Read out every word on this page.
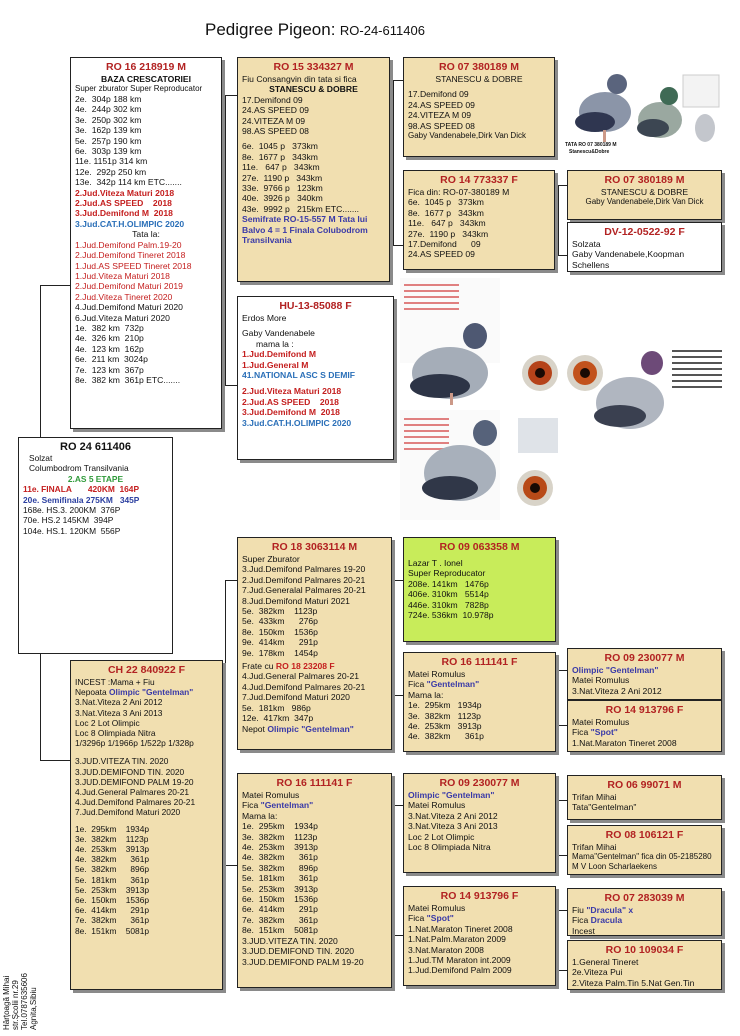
Pedigree Pigeon: RO-24-611406
RO 24 611406
Solzat
Columbodrom Transilvania
2.AS 5 ETAPE
11e. FINALA       420KM  164P
20e. Semifinala 275KM   345P
168e. HS.3. 200KM  376P
70e. HS.2 145KM  394P
104e. HS.1. 120KM  556P
RO 16 218919 M
BAZA CRESCATORIEI
Super zburator Super Reproducator
2e.  304p 188 km
4e.  244p 302 km
3e.  250p 302 km
3e.  162p 139 km
5e.  257p 190 km
6e.  303p 139 km
11e. 1151p 314 km
12e.  292p 250 km
13e.  342p 114 km ETC.......
2.Jud.Viteza Maturi 2018
2.Jud.AS SPEED    2018
3.Jud.Demifond M  2018
3.Jud.CAT.H.OLIMPIC 2020
Tata la:
1.Jud.Demifond Palm.19-20
2.Jud.Demifond Tineret 2018
1.Jud.AS SPEED Tineret 2018
1.Jud.Viteza Maturi 2018
2.Jud.Demifond Maturi 2019
2.Jud.Viteza Tineret 2020
4.Jud.Demifond Maturi 2020
6.Jud.Viteza Maturi 2020
1e.  382 km  732p
4e.  326 km  210p
4e.  123 km  162p
6e.  211 km  3024p
7e.  123 km  367p
8e.  382 km  361p ETC.......
RO 15 334327 M
Fiu Consangvin din tata si fica
STANESCU & DOBRE
17.Demifond 09
24.AS SPEED 09
24.VITEZA M 09
98.AS SPEED 08
6e.  1045 p   373km
8e.  1677 p   343km
11e.   647 p   343km
27e.  1190 p   343km
33e.  9766 p   123km
40e.  3926 p   340km
43e.  9992 p   215km ETC.......
Semifrate RO-15-557 M Tata lui Balvo 4 = 1 Finala Colubodrom Transilvania
RO 07 380189 M
STANESCU & DOBRE
17.Demifond 09
24.AS SPEED 09
24.VITEZA M 09
98.AS SPEED 08
Gaby Vandenabele,Dirk Van Dick
TATA RO 07 380189 M
Stanescu&Dobre
RO 14 773337 F
Fica din: RO-07-380189 M
6e.  1045 p   373km
8e.  1677 p   343km
11e.   647 p   343km
27e.  1190 p   343km
17.Demifond      09
24.AS SPEED 09
RO 07 380189 M
STANESCU & DOBRE
Gaby Vandenabele,Dirk Van Dick
DV-12-0522-92 F
Solzata
Gaby Vandenabele,Koopman Schellens
HU-13-85088 F
Erdos More
Gaby Vandenabele
mama la :
1.Jud.Demifond M
1.Jud.General M
41.NATIONAL ASC S DEMIF
2.Jud.Viteza Maturi 2018
2.Jud.AS SPEED    2018
3.Jud.Demifond M  2018
3.Jud.CAT.H.OLIMPIC 2020
CH 22 840922 F
INCEST :Mama + Fiu
Nepoata Olimpic "Gentelman"
3.Nat.Viteza 2 Ani 2012
3.Nat.Viteza 3 Ani 2013
Loc 2 Lot Olimpic
Loc 8 Olimpiada Nitra
1/3296p 1/1966p 1/522p 1/328p
3.JUD.VITEZA TIN. 2020
3.JUD.DEMIFOND TIN. 2020
3.JUD.DEMIFOND PALM 19-20
4.Jud.General Palmares 20-21
4.Jud.Demifond Palmares 20-21
7.Jud.Demifond Maturi 2020
1e.  295km    1934p
3e.  382km    1123p
4e.  253km    3913p
4e.  382km      361p
5e.  382km      896p
5e.  181km      361p
5e.  253km    3913p
6e.  150km    1536p
6e.  414km      291p
7e.  382km      361p
8e.  151km    5081p
RO 18 3063114 M
Super Zburator
3.Jud.Demifond Palmares 19-20
2.Jud.Demifond Palmares 20-21
7.Jud.Generalal Palmares 20-21
8.Jud.Demifond Maturi 2021
5e.  382km    1123p
5e.  433km      276p
8e.  150km    1536p
9e.  414km      291p
9e.  178km    1454p
Frate cu RO 18 23208 F
4.Jud.General Palmares 20-21
4.Jud.Demifond Palmares 20-21
7.Jud.Demifond Maturi 2020
5e.  181km   986p
12e.  417km  347p
Nepot Olimpic "Gentelman"
RO 09 063358 M
Lazar T . Ionel
Super Reproducator
208e. 141km   1476p
406e. 310km   5514p
446e. 310km   7828p
724e. 536km  10.978p
RO 16 111141 F
Matei Romulus
Fica "Gentelman"
Mama la:
1e.  295km   1934p
3e.  382km   1123p
4e.  253km   3913p
4e.  382km      361p
RO 09 230077 M
Olimpic "Gentelman"
Matei Romulus
3.Nat.Viteza 2 Ani 2012
RO 14 913796 F
Matei Romulus
Fica "Spot"
1.Nat.Maraton Tineret 2008
RO 16 111141 F
Matei Romulus
Fica "Gentelman"
Mama la:
1e.  295km    1934p
3e.  382km    1123p
4e.  253km    3913p
4e.  382km      361p
5e.  382km      896p
5e.  181km      361p
5e.  253km    3913p
6e.  150km    1536p
6e.  414km      291p
7e.  382km      361p
8e.  151km    5081p
3.JUD.VITEZA TIN. 2020
3.JUD.DEMIFOND TIN. 2020
3.JUD.DEMIFOND PALM 19-20
RO 09 230077 M
Olimpic "Gentelman"
Matei Romulus
3.Nat.Viteza 2 Ani 2012
3.Nat.Viteza 3 Ani 2013
Loc 2 Lot Olimpic
Loc 8 Olimpiada Nitra
RO 14 913796 F
Matei Romulus
Fica "Spot"
1.Nat.Maraton Tineret 2008
1.Nat.Palm.Maraton 2009
3.Nat.Maraton 2008
1.Jud.TM Maraton int.2009
1.Jud.Demifond Palm 2009
RO 06 99071 M
Trifan Mihai
Tata"Gentelman"
RO 08 106121 F
Trifan Mihai
Mama"Gentelman" fica din 05-2185280 M V Loon Scharlaekens
RO 07 283039 M
Fiu "Dracula" x
Fica Dracula
Incest
RO 10 109034 F
1.General Tineret
2e.Viteza Pui
2.Viteza Palm.Tin 5.Nat Gen.Tin
Hârțoagă Mihai str.Școlii nr.29 Tel.0787635606 Agnita,Sibiu
